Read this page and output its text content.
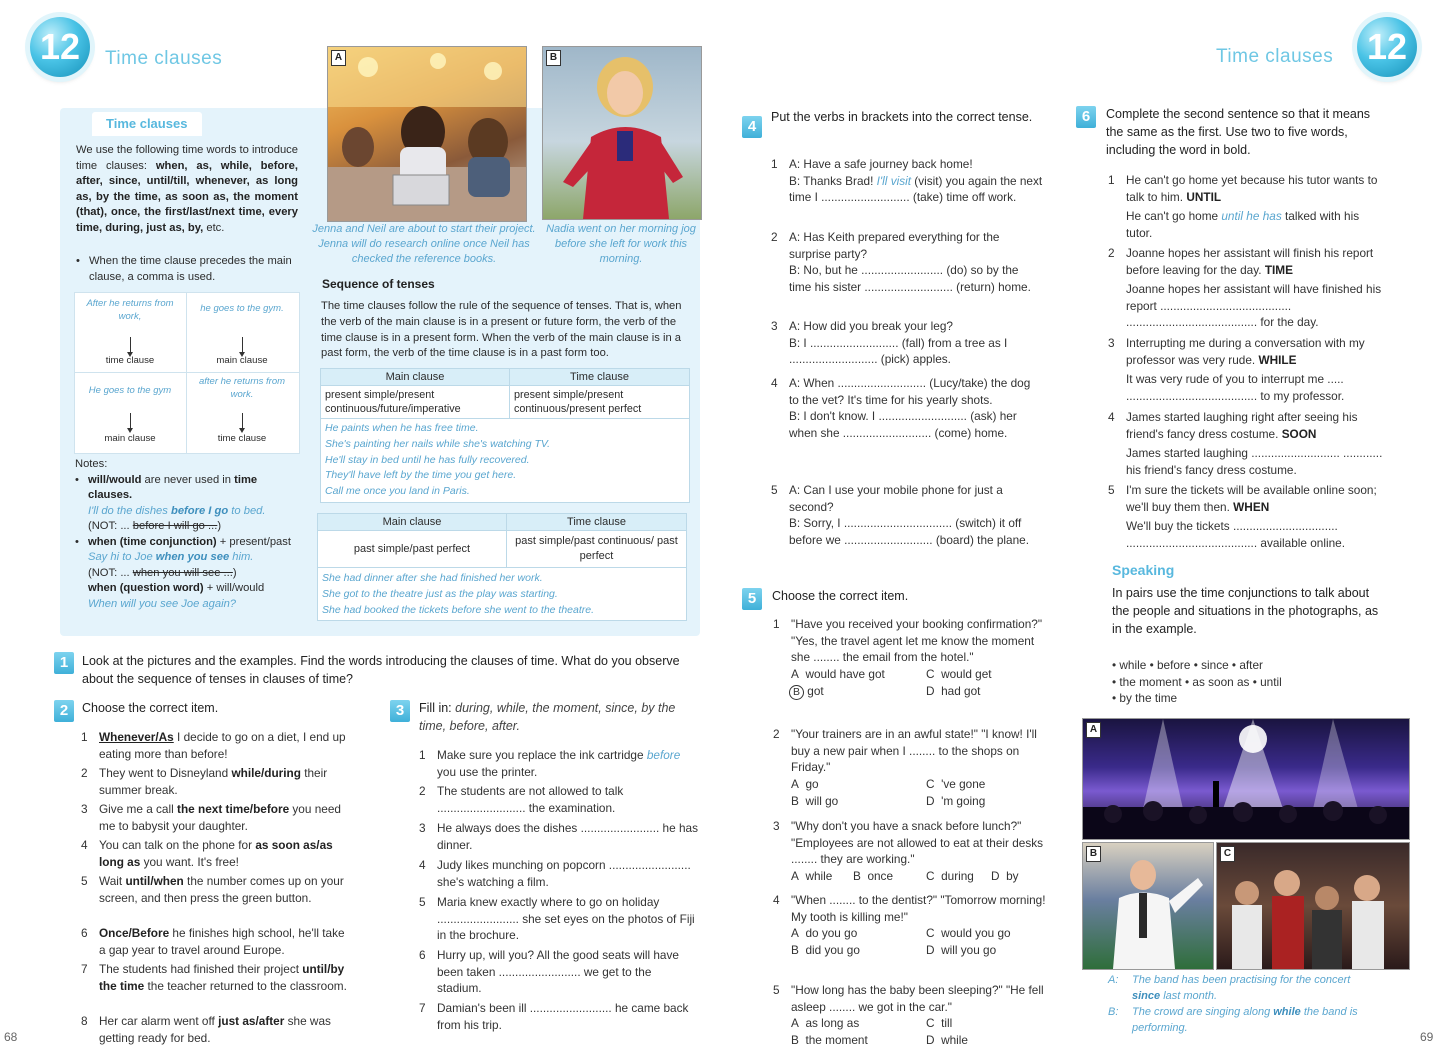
12	Time clauses
Time clauses
We use the following time words to introduce time clauses: when, as, while, before, after, since, until/till, whenever, as long as, by the time, as soon as, the moment (that), once, the first/last/next time, every time, during, just as, by, etc.
• When the time clause precedes the main clause, a comma is used.
After he returns from work,
he goes to the gym.
time clause	main clause
He goes to the gym
after he returns from work.
main clause	time clause
Notes:
• will/would are never used in time clauses.
I'll do the dishes before I go to bed.
(NOT: ... before I will go ...)
• when (time conjunction) + present/past
Say hi to Joe when you see him.
(NOT: ... when you will see ...)
when (question word) + will/would
When will you see Joe again?
A
Jenna and Neil are about to start their project. Jenna will do research online once Neil has checked the reference books.
B
Nadia went on her morning jog before she left for work this morning.
Sequence of tenses
The time clauses follow the rule of the sequence of tenses. That is, when the verb of the main clause is in a present or future form, the verb of the time clause is in a present form. When the verb of the main clause is in a past form, the verb of the time clause is in a past form too.
Main clause	Time clause
present simple/present continuous/future/imperative	present simple/present continuous/present perfect

He paints when he has free time.
She's painting her nails while she's watching TV.
He'll stay in bed until he has fully recovered.
They'll have left by the time you get here.
Call me once you land in Paris.	
Main clause	Time clause
past simple/past perfect	past simple/past continuous/ past perfect

She had dinner after she had finished her work.
She got to the theatre just as the play was starting.
She had booked the tickets before she went to the theatre.	
1	Look at the pictures and the examples. Find the words introducing the clauses of time. What do you observe about the sequence of tenses in clauses of time?
2	Choose the correct item.
1 Whenever/As I decide to go on a diet, I end up eating more than before!
2 They went to Disneyland while/during their summer break.
3 Give me a call the next time/before you need me to babysit your daughter.
4 You can talk on the phone for as soon as/as long as you want. It's free!
5 Wait until/when the number comes up on your screen, and then press the green button.
6 Once/Before he finishes high school, he'll take a gap year to travel around Europe.
7 The students had finished their project until/by the time the teacher returned to the classroom.
8 Her car alarm went off just as/after she was getting ready for bed.
3	Fill in: during, while, the moment, since, by the time, before, after.
1 Make sure you replace the ink cartridge before you use the printer.
2 The students are not allowed to talk ........................... the examination.
3 He always does the dishes ........................ he has dinner.
4 Judy likes munching on popcorn ......................... she's watching a film.
5 Maria knew exactly where to go on holiday ......................... she set eyes on the photos of Fiji in the brochure.
6 Hurry up, will you? All the good seats will have been taken ......................... we get to the stadium.
7 Damian's been ill ......................... he came back from his trip.
68
Time clauses 12
4
Put the verbs in brackets into the correct tense.
1 A: Have a safe journey back home!
B: Thanks Brad! I'll visit (visit) you again the next time I ........................... (take) time off work.
2 A: Has Keith prepared everything for the surprise party?
B: No, but he ......................... (do) so by the time his sister ........................... (return) home.
3 A: How did you break your leg?
B: I ........................... (fall) from a tree as I ........................... (pick) apples.
4 A: When ........................... (Lucy/take) the dog to the vet? It's time for his yearly shots.
B: I don't know. I ........................... (ask) her when she ........................... (come) home.
5 A: Can I use your mobile phone for just a second?
B: Sorry, I ................................. (switch) it off before we ........................... (board) the plane.
5	Choose the correct item.
1 "Have you received your booking confirmation?" "Yes, the travel agent let me know the moment she ........ the email from the hotel."
A  would have got	C  would get
B got	D  had got
2 "Your trainers are in an awful state!" "I know! I'll buy a new pair when I ........ to the shops on Friday."
A  go	C  've gone
B  will go	D  'm going
3 "Why don't you have a snack before lunch?" "Employees are not allowed to eat at their desks ........ they are working."
A  while B  once	C  during D  by
4 "When ........ to the dentist?" "Tomorrow morning! My tooth is killing me!"
A  do you go	C  would you go
B  did you go	D  will you go
5 "How long has the baby been sleeping?" "He fell asleep ........ we got in the car."
A  as long as	C  till
B  the moment	D  while
6	Complete the second sentence so that it means the same as the first. Use two to five words, including the word in bold.
1 He can't go home yet because his tutor wants to talk to him. UNTIL
He can't go home until he has talked with his tutor.
2 Joanne hopes her assistant will finish his report before leaving for the day. TIME
Joanne hopes her assistant will have finished his report ........................................ ........................................ for the day.
3 Interrupting me during a conversation with my professor was very rude. WHILE
It was very rude of you to interrupt me ..... ........................................ to my professor.
4 James started laughing right after seeing his friend's fancy dress costume. SOON
James started laughing ........................... ............ his friend's fancy dress costume.
5 I'm sure the tickets will be available online soon; we'll buy them then. WHEN
We'll buy the tickets ................................ ........................................ available online.
Speaking
In pairs use the time conjunctions to talk about the people and situations in the photographs, as in the example.
• while • before • since • after
• the moment • as soon as • until
• by the time
A
B	C
A: The band has been practising for the concert since last month.
B: The crowd are singing along while the band is performing.
69
